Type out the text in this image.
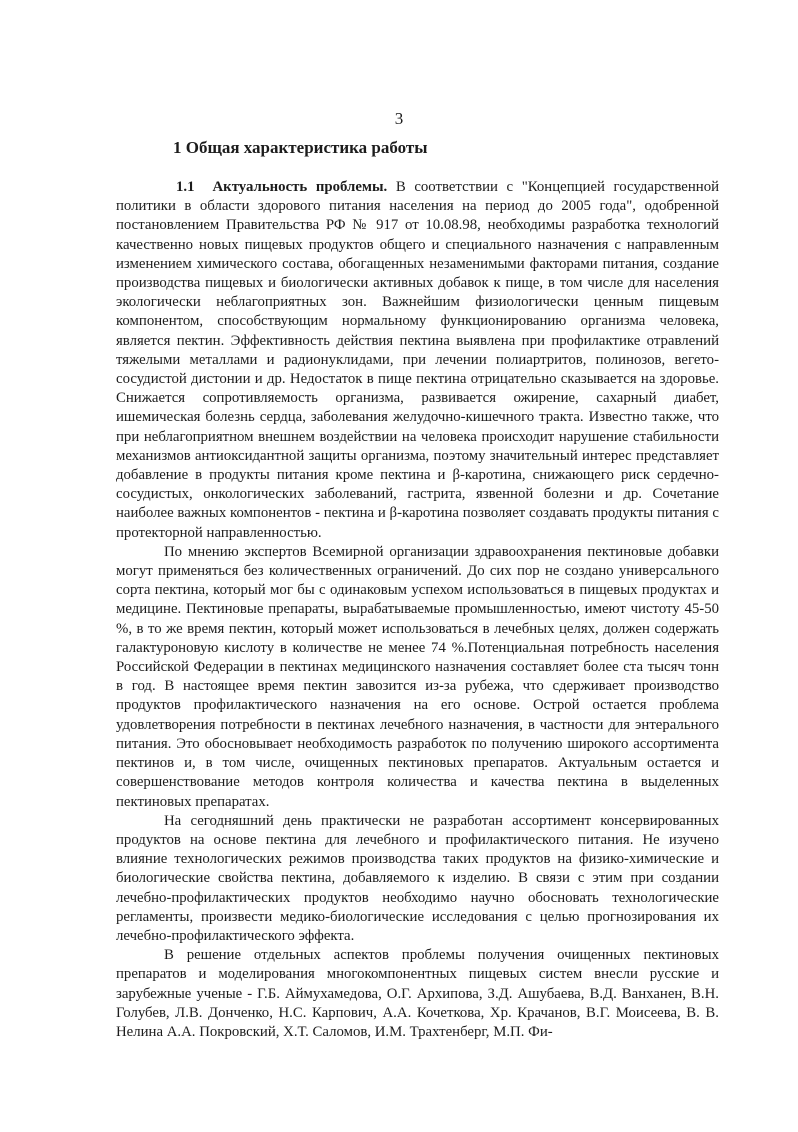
3
1 Общая характеристика работы

1.1 Актуальность проблемы. В соответствии с "Концепцией государственной политики в области здорового питания населения на период до 2005 года", одобренной постановлением Правительства РФ № 917 от 10.08.98, необходимы разработка технологий качественно новых пищевых продуктов общего и специального назначения с направленным изменением химического состава, обогащенных незаменимыми факторами питания, создание производства пищевых и биологически активных добавок к пище, в том числе для населения экологически неблагоприятных зон. Важнейшим физиологически ценным пищевым компонентом, способствующим нормальному функционированию организма человека, является пектин. Эффективность действия пектина выявлена при профилактике отравлений тяжелыми металлами и радионуклидами, при лечении полиартритов, полинозов, вегето-сосудистой дистонии и др. Недостаток в пище пектина отрицательно сказывается на здоровье. Снижается сопротивляемость организма, развивается ожирение, сахарный диабет, ишемическая болезнь сердца, заболевания желудочно-кишечного тракта. Известно также, что при неблагоприятном внешнем воздействии на человека происходит нарушение стабильности механизмов антиоксидантной защиты организма, поэтому значительный интерес представляет добавление в продукты питания кроме пектина и β-каротина, снижающего риск сердечно-сосудистых, онкологических заболеваний, гастрита, язвенной болезни и др. Сочетание наиболее важных компонентов - пектина и β-каротина позволяет создавать продукты питания с протекторной направленностью.

По мнению экспертов Всемирной организации здравоохранения пектиновые добавки могут применяться без количественных ограничений. До сих пор не создано универсального сорта пектина, который мог бы с одинаковым успехом использоваться в пищевых продуктах и медицине. Пектиновые препараты, вырабатываемые промышленностью, имеют чистоту 45-50 %, в то же время пектин, который может использоваться в лечебных целях, должен содержать галактуроновую кислоту в количестве не менее 74 %.Потенциальная потребность населения Российской Федерации в пектинах медицинского назначения составляет более ста тысяч тонн в год. В настоящее время пектин завозится из-за рубежа, что сдерживает производство продуктов профилактического назначения на его основе. Острой остается проблема удовлетворения потребности в пектинах лечебного назначения, в частности для энтерального питания. Это обосновывает необходимость разработок по получению широкого ассортимента пектинов и, в том числе, очищенных пектиновых препаратов. Актуальным остается и совершенствование методов контроля количества и качества пектина в выделенных пектиновых препаратах.

На сегодняшний день практически не разработан ассортимент консервированных продуктов на основе пектина для лечебного и профилактического питания. Не изучено влияние технологических режимов производства таких продуктов на физико-химические и биологические свойства пектина, добавляемого к изделию. В связи с этим при создании лечебно-профилактических продуктов необходимо научно обосновать технологические регламенты, произвести медико-биологические исследования с целью прогнозирования их лечебно-профилактического эффекта.

В решение отдельных аспектов проблемы получения очищенных пектиновых препаратов и моделирования многокомпонентных пищевых систем внесли русские и зарубежные ученые - Г.Б. Аймухамедова, О.Г. Архипова, З.Д. Ашубаева, В.Д. Ванханен, В.Н. Голубев, Л.В. Донченко, Н.С. Карпович, А.А. Кочеткова, Хр. Крачанов, В.Г. Моисеева, В. В. Нелина А.А. Покровский, Х.Т. Саломов, И.М. Трахтенберг, М.П. Фи-
